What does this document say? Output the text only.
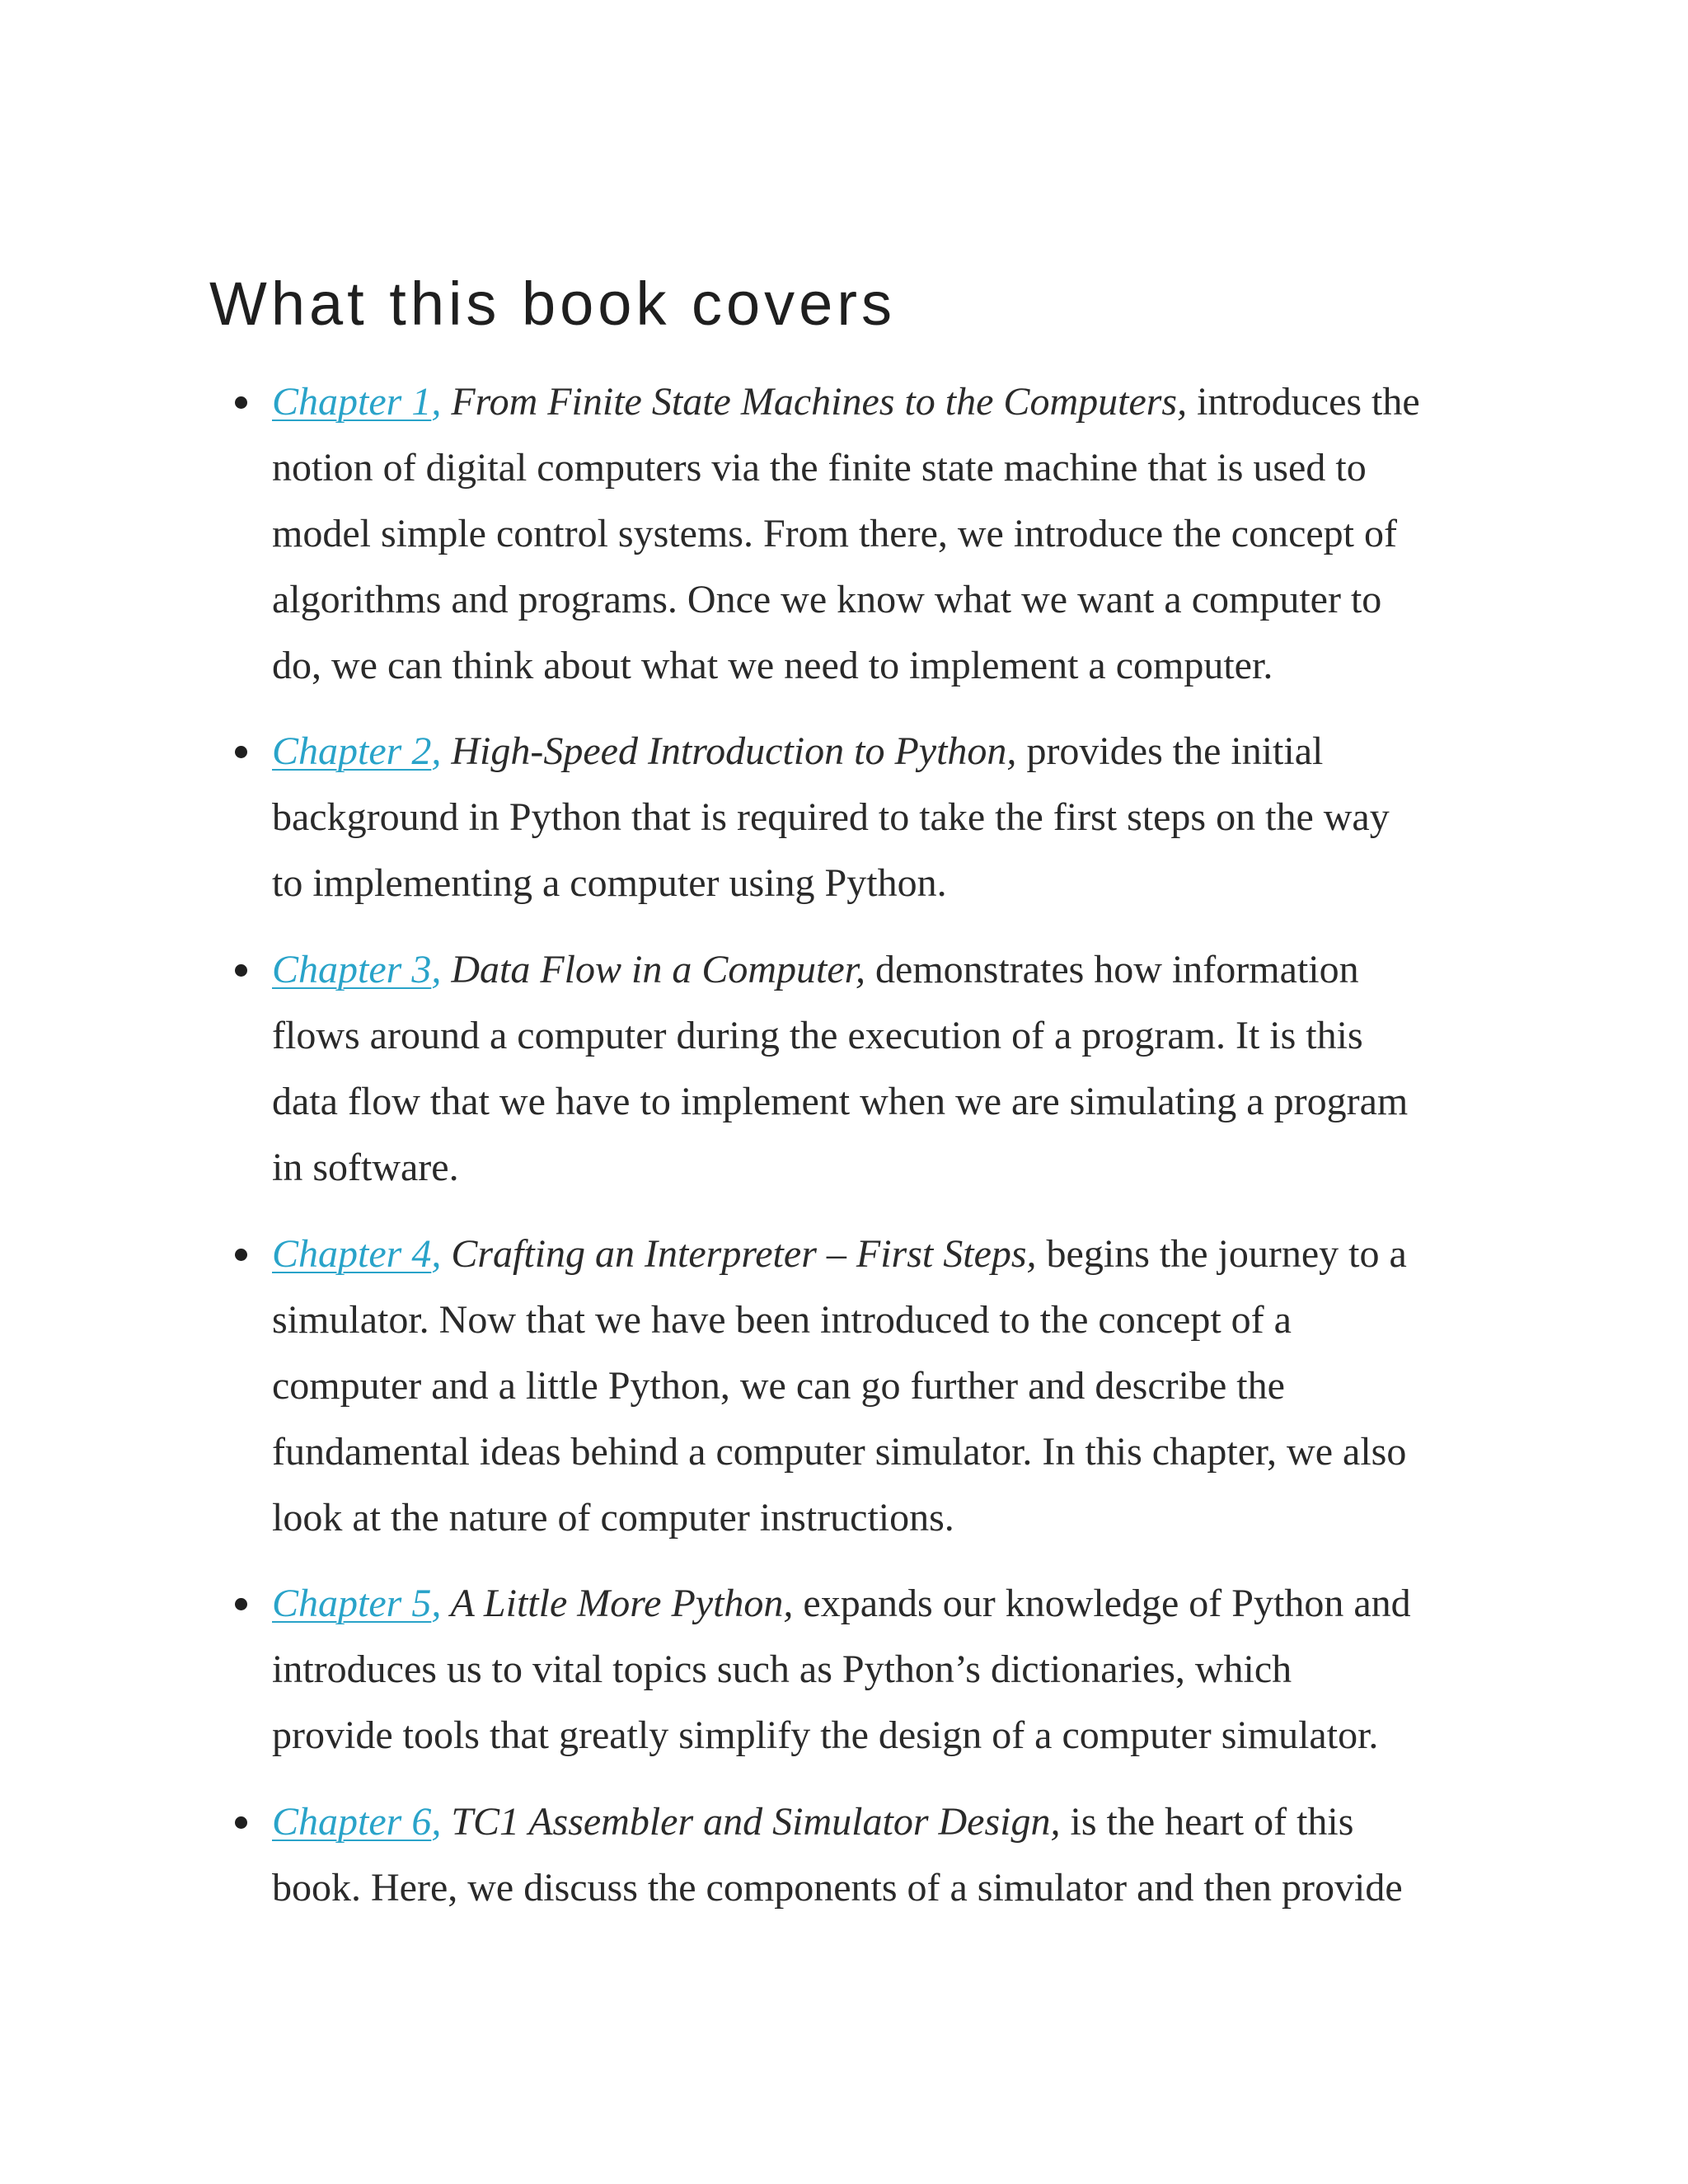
What this book covers
Chapter 1, From Finite State Machines to the Computers, introduces the
notion of digital computers via the finite state machine that is used to
model simple control systems. From there, we introduce the concept of
algorithms and programs. Once we know what we want a computer to
do, we can think about what we need to implement a computer.
Chapter 2, High-Speed Introduction to Python, provides the initial
background in Python that is required to take the first steps on the way
to implementing a computer using Python.
Chapter 3, Data Flow in a Computer, demonstrates how information
flows around a computer during the execution of a program. It is this
data flow that we have to implement when we are simulating a program
in software.
Chapter 4, Crafting an Interpreter – First Steps, begins the journey to a
simulator. Now that we have been introduced to the concept of a
computer and a little Python, we can go further and describe the
fundamental ideas behind a computer simulator. In this chapter, we also
look at the nature of computer instructions.
Chapter 5, A Little More Python, expands our knowledge of Python and
introduces us to vital topics such as Python’s dictionaries, which
provide tools that greatly simplify the design of a computer simulator.
Chapter 6, TC1 Assembler and Simulator Design, is the heart of this
book. Here, we discuss the components of a simulator and then provide
